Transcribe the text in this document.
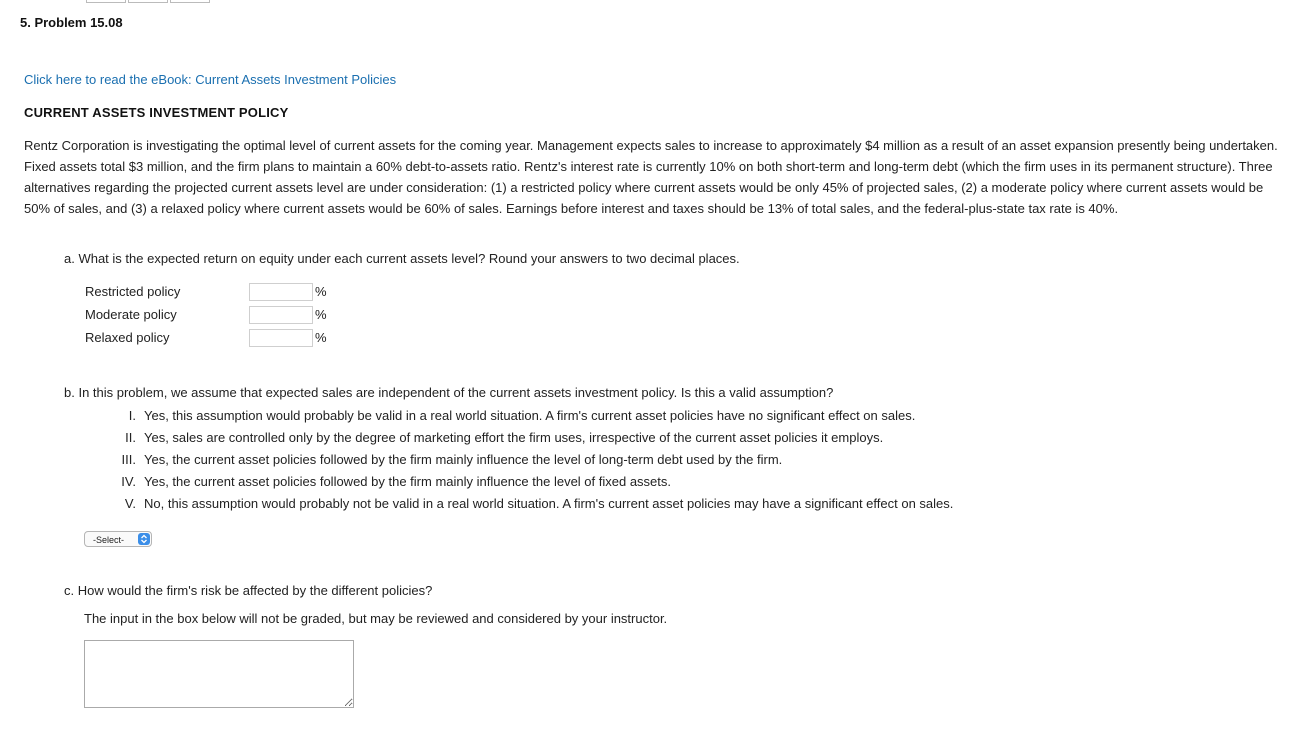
5. Problem 15.08
Click here to read the eBook: Current Assets Investment Policies
CURRENT ASSETS INVESTMENT POLICY

Rentz Corporation is investigating the optimal level of current assets for the coming year. Management expects sales to increase to approximately $4 million as a result of an asset expansion presently being undertaken. Fixed assets total $3 million, and the firm plans to maintain a 60% debt-to-assets ratio. Rentz's interest rate is currently 10% on both short-term and long-term debt (which the firm uses in its permanent structure). Three alternatives regarding the projected current assets level are under consideration: (1) a restricted policy where current assets would be only 45% of projected sales, (2) a moderate policy where current assets would be 50% of sales, and (3) a relaxed policy where current assets would be 60% of sales. Earnings before interest and taxes should be 13% of total sales, and the federal-plus-state tax rate is 40%.

a. What is the expected return on equity under each current assets level? Round your answers to two decimal places.
Restricted policy	%
Moderate policy	%
Relaxed policy	%
b. In this problem, we assume that expected sales are independent of the current assets investment policy. Is this a valid assumption?
I. Yes, this assumption would probably be valid in a real world situation. A firm's current asset policies have no significant effect on sales.
II. Yes, sales are controlled only by the degree of marketing effort the firm uses, irrespective of the current asset policies it employs.
III. Yes, the current asset policies followed by the firm mainly influence the level of long-term debt used by the firm.
IV. Yes, the current asset policies followed by the firm mainly influence the level of fixed assets.
V. No, this assumption would probably not be valid in a real world situation. A firm's current asset policies may have a significant effect on sales.
-Select-
c. How would the firm's risk be affected by the different policies?
The input in the box below will not be graded, but may be reviewed and considered by your instructor.
